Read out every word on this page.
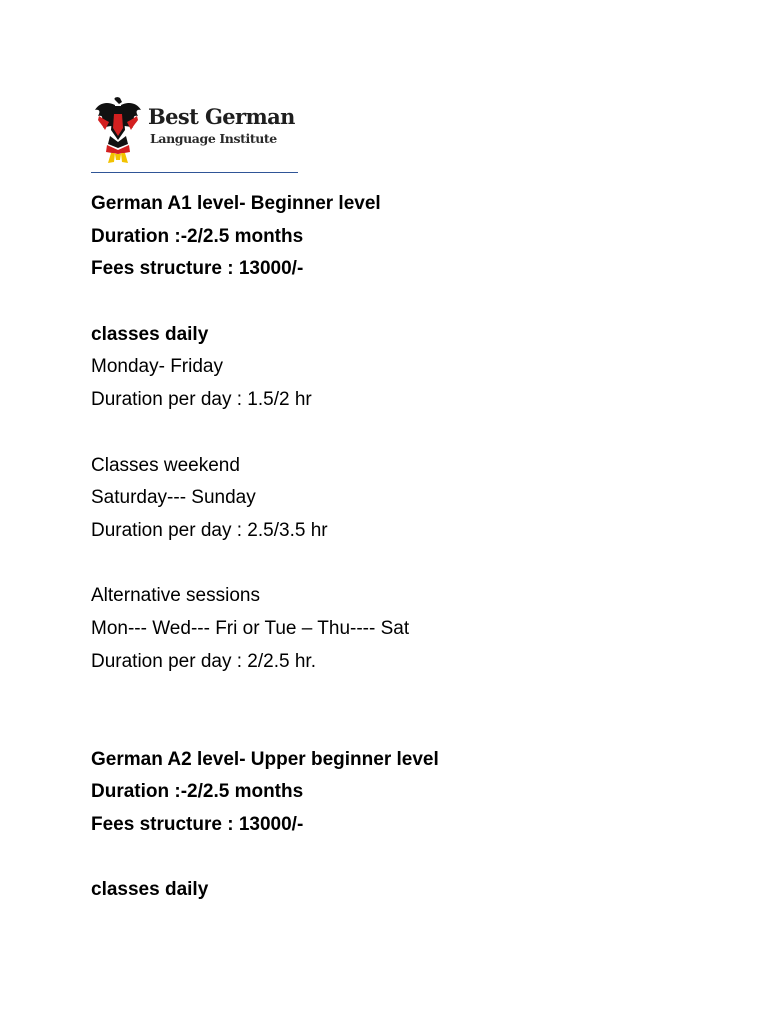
Best German
Language Institute
German A1 level- Beginner level
Duration :-2/2.5 months
Fees structure : 13000/-
classes daily
Monday- Friday
Duration per day : 1.5/2 hr
Classes weekend
Saturday--- Sunday
Duration per day : 2.5/3.5 hr
Alternative sessions
Mon--- Wed--- Fri or Tue – Thu---- Sat
Duration per day : 2/2.5 hr.
German A2 level- Upper beginner level
Duration :-2/2.5 months
Fees structure : 13000/-
classes daily
